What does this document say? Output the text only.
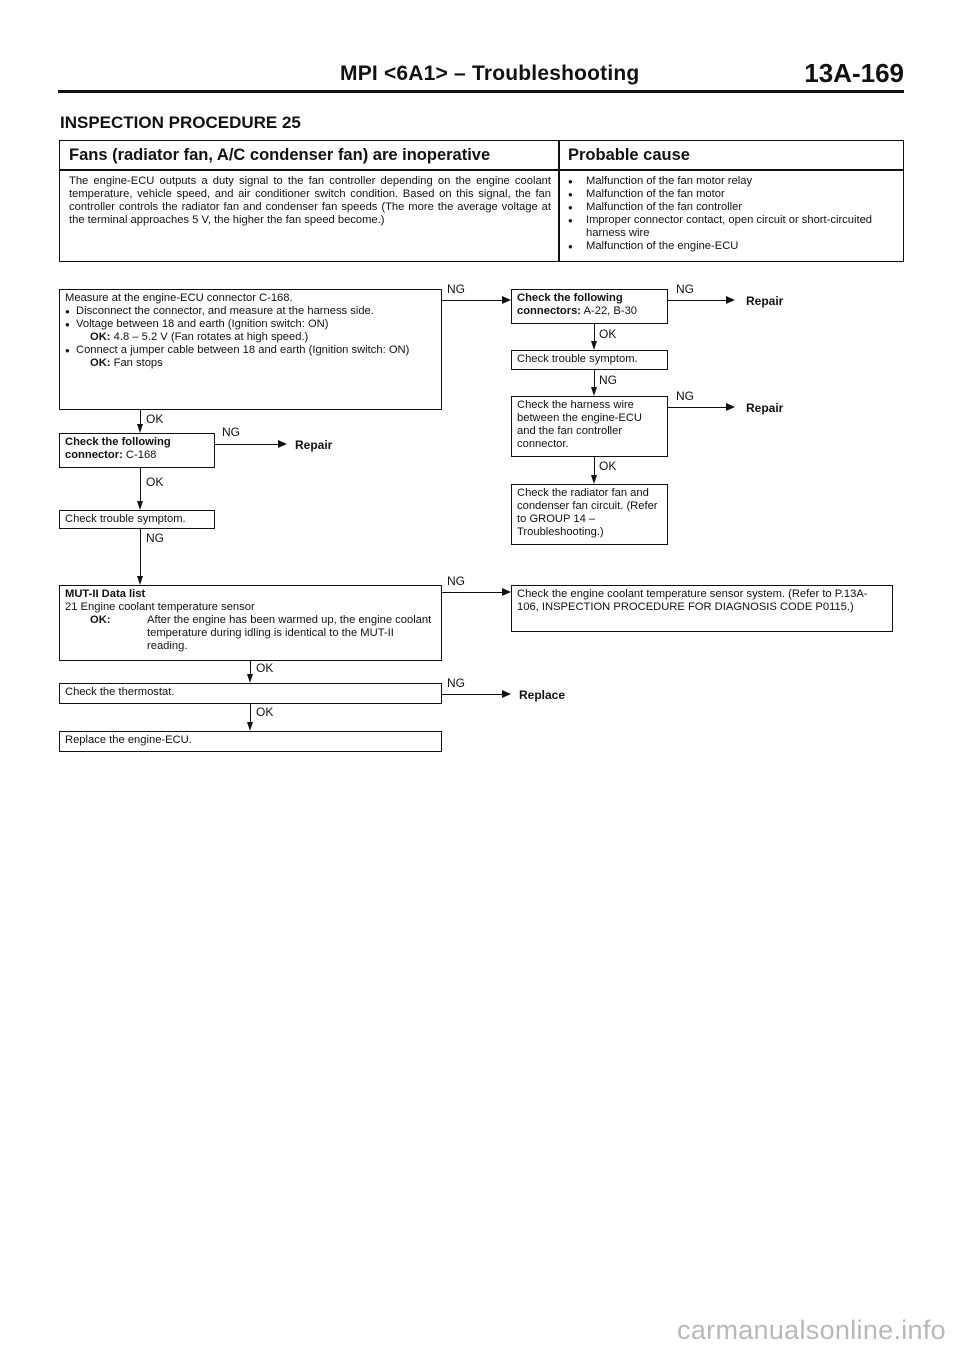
MPI <6A1> – Troubleshooting	13A-169
INSPECTION PROCEDURE 25
Fans (radiator fan, A/C condenser fan) are inoperative	Probable cause
The engine-ECU outputs a duty signal to the fan controller depending on the engine coolant temperature, vehicle speed, and air conditioner switch condition. Based on this signal, the fan controller controls the radiator fan and condenser fan speeds (The more the average voltage at the terminal approaches 5 V, the higher the fan speed become.)
● Malfunction of the fan motor relay
● Malfunction of the fan motor
● Malfunction of the fan controller
● Improper connector contact, open circuit or short-circuited harness wire
● Malfunction of the engine-ECU
Measure at the engine-ECU connector C-168.
● Disconnect the connector, and measure at the harness side.
● Voltage between 18 and earth (Ignition switch: ON)
OK: 4.8 – 5.2 V (Fan rotates at high speed.)
● Connect a jumper cable between 18 and earth (Ignition switch: ON)
OK: Fan stops
Check the following connector: C-168
Check trouble symptom.
MUT-II Data list
21 Engine coolant temperature sensor
OK:	After the engine has been warmed up, the engine coolant temperature during idling is identical to the MUT-II reading.
Check the thermostat.
Replace the engine-ECU.
Check the following connectors: A-22, B-30
Check trouble symptom.
Check the harness wire between the engine-ECU and the fan controller connector.
Check the radiator fan and condenser fan circuit. (Refer to GROUP 14 – Troubleshooting.)
Check the engine coolant temperature sensor system. (Refer to P.13A-106, INSPECTION PROCEDURE FOR DIAGNOSIS CODE P0115.)
NG	NG
Repair
OK
NG
NG
Repair
OK
OK
NG
Repair
OK
NG
NG
OK
NG
Replace
OK
carmanualsonline.info
